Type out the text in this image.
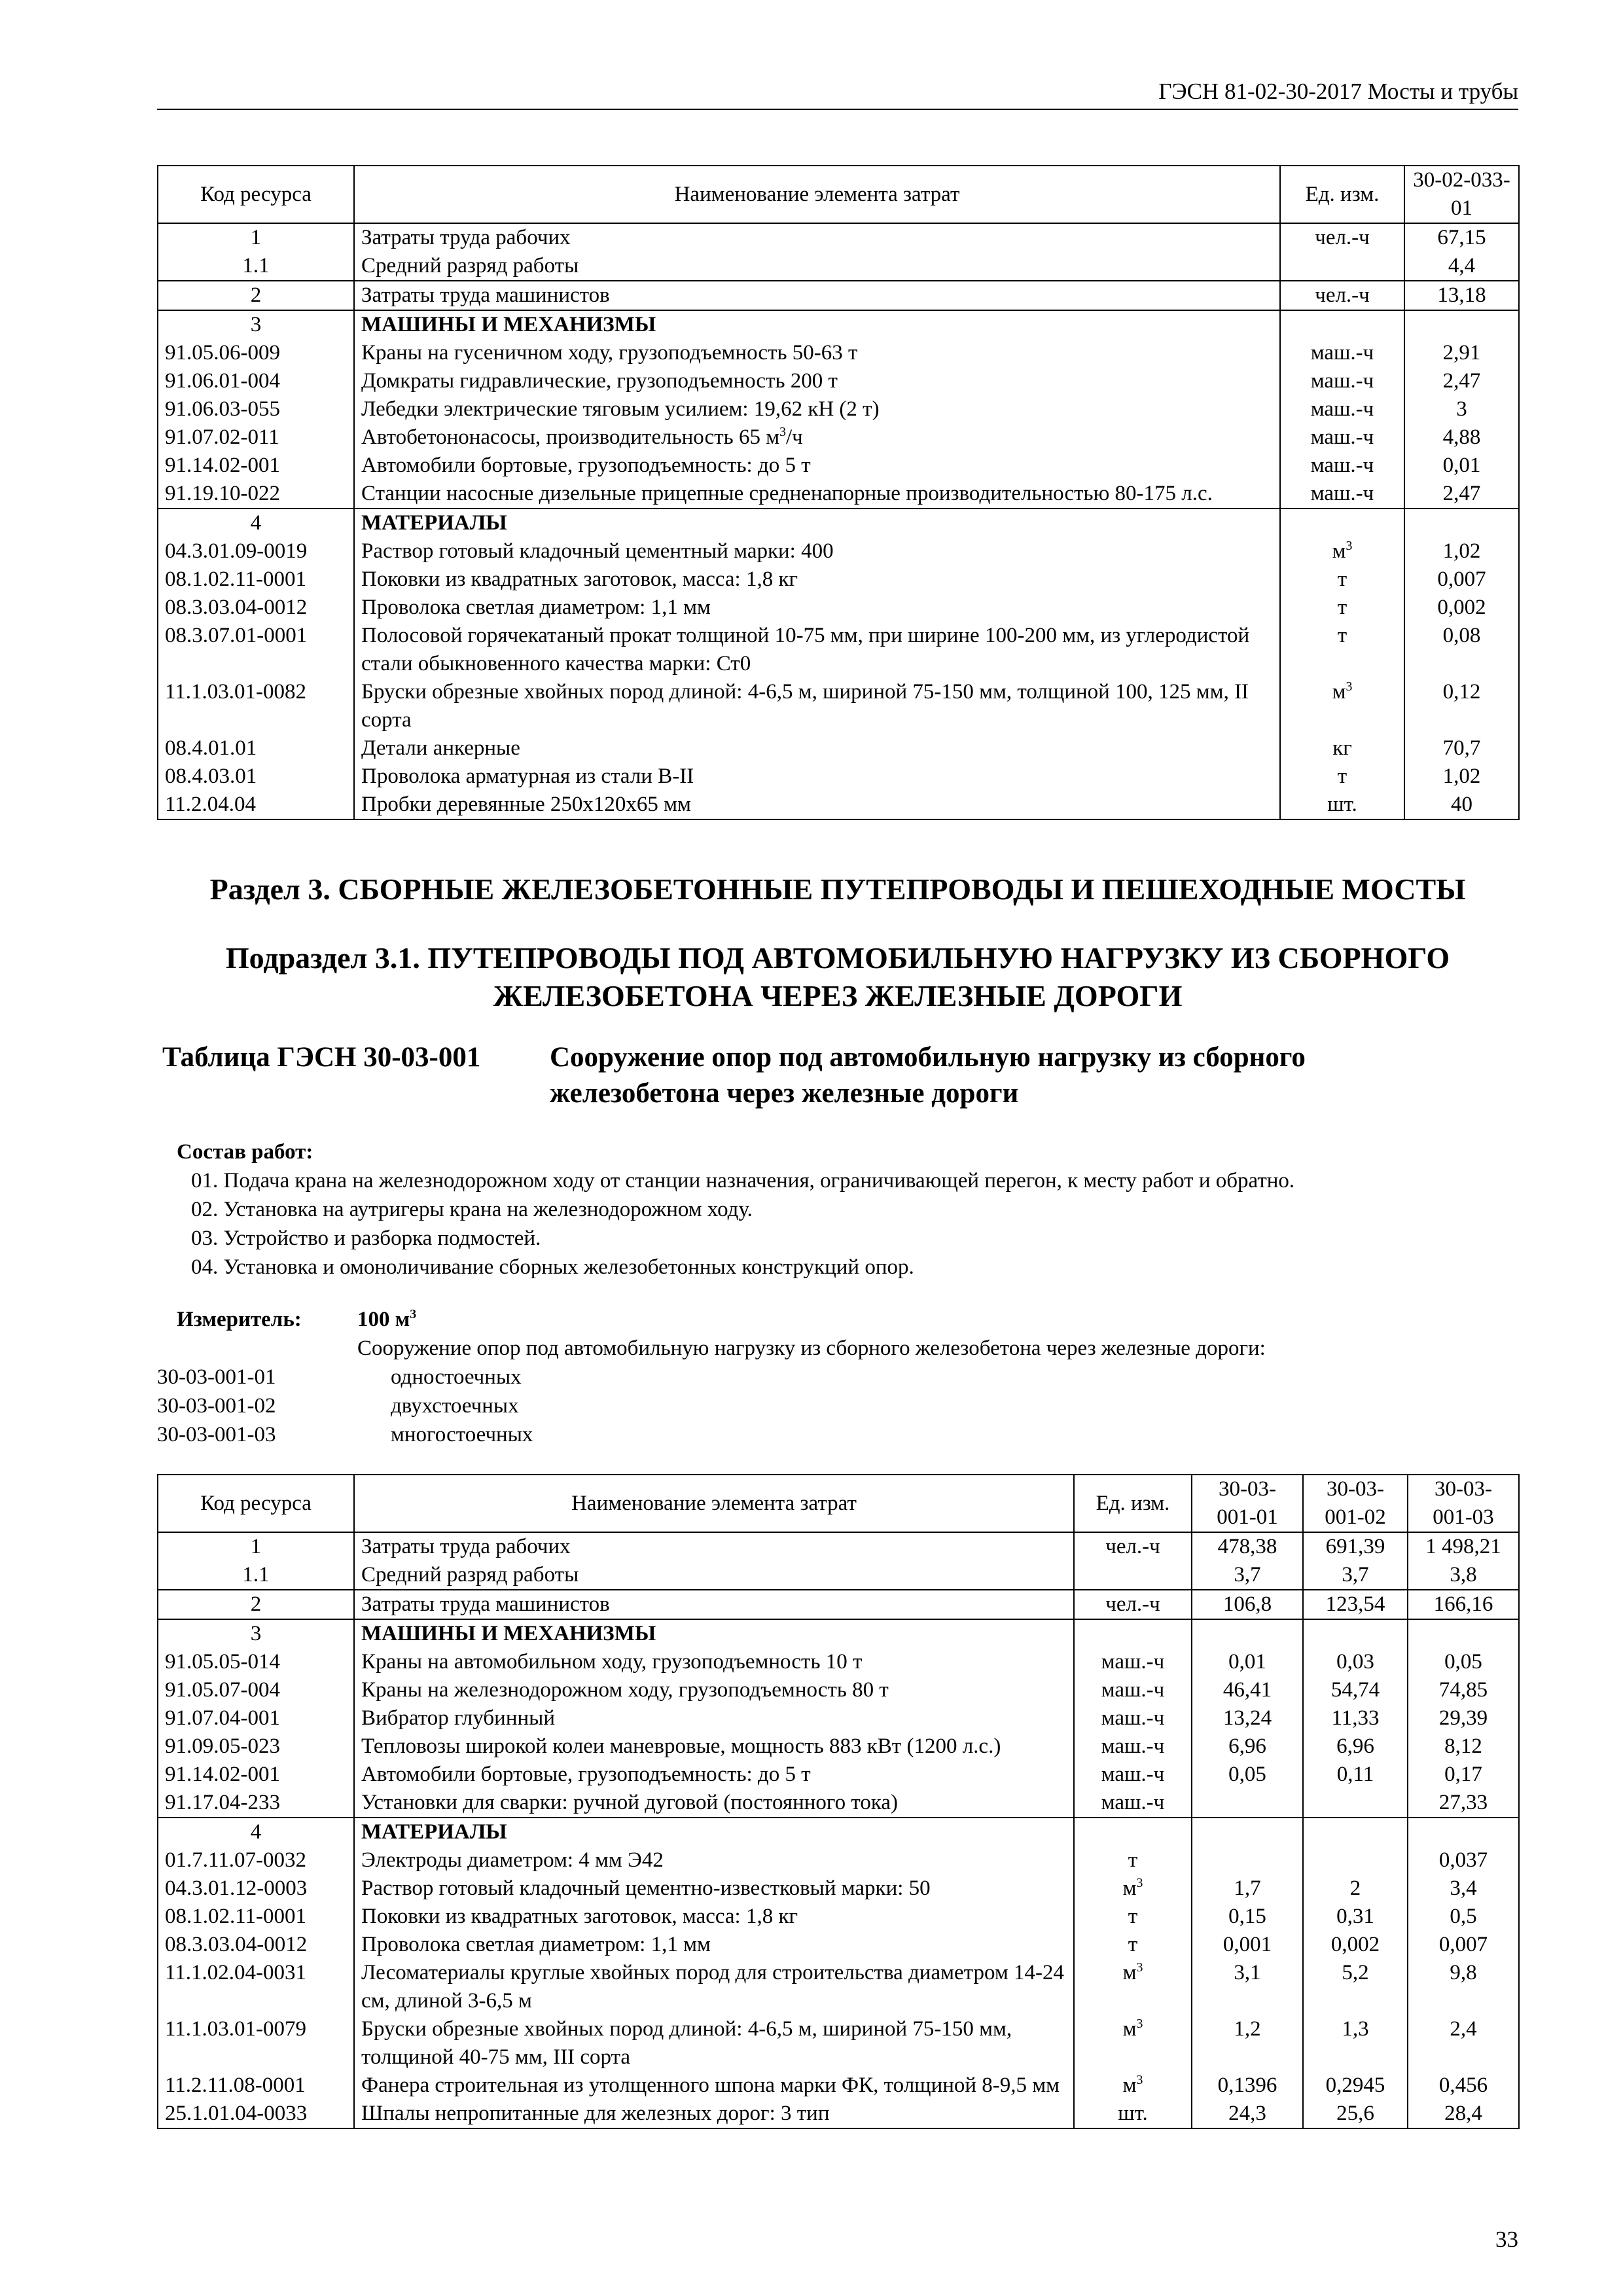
ГЭСН 81-02-30-2017 Мосты и трубы
Код ресурса	Наименование элемента затрат	Ед. изм.	30-02-033-01
1	Затраты труда рабочих	чел.-ч	67,15
1.1	Средний разряд работы		4,4
2	Затраты труда машинистов	чел.-ч	13,18
3	МАШИНЫ И МЕХАНИЗМЫ		
91.05.06-009	Краны на гусеничном ходу, грузоподъемность 50-63 т	маш.-ч	2,91
91.06.01-004	Домкраты гидравлические, грузоподъемность 200 т	маш.-ч	2,47
91.06.03-055	Лебедки электрические тяговым усилием: 19,62 кН (2 т)	маш.-ч	3
91.07.02-011	Автобетононасосы, производительность 65 $м^3/ч$	маш.-ч	4,88
91.14.02-001	Автомобили бортовые, грузоподъемность: до 5 т	маш.-ч	0,01
91.19.10-022	Станции насосные дизельные прицепные средненапорные производительностью 80-175 л.с.	маш.-ч	2,47
4	МАТЕРИАЛЫ		
04.3.01.09-0019	Раствор готовый кладочный цементный марки: 400	$м^3$	1,02
08.1.02.11-0001	Поковки из квадратных заготовок, масса: 1,8 кг	т	0,007
08.3.03.04-0012	Проволока светлая диаметром: 1,1 мм	т	0,002
08.3.07.01-0001	Полосовой горячекатаный прокат толщиной 10-75 мм, при ширине 100-200 мм, из углеродистой стали обыкновенного качества марки: Ст0	т	0,08
11.1.03.01-0082	Бруски обрезные хвойных пород длиной: 4-6,5 м, шириной 75-150 мм, толщиной 100, 125 мм, II сорта	$м^3$	0,12
08.4.01.01	Детали анкерные	кг	70,7
08.4.03.01	Проволока арматурная из стали В-II	т	1,02
11.2.04.04	Пробки деревянные 250х120х65 мм	шт.	40
Раздел 3. СБОРНЫЕ ЖЕЛЕЗОБЕТОННЫЕ ПУТЕПРОВОДЫ И ПЕШЕХОДНЫЕ МОСТЫ
Подраздел 3.1. ПУТЕПРОВОДЫ ПОД АВТОМОБИЛЬНУЮ НАГРУЗКУ ИЗ СБОРНОГО
ЖЕЛЕЗОБЕТОНА ЧЕРЕЗ ЖЕЛЕЗНЫЕ ДОРОГИ
Таблица ГЭСН 30-03-001 Сооружение опор под автомобильную нагрузку из сборного
железобетона через железные дороги
Состав работ:
01. Подача крана на железнодорожном ходу от станции назначения, ограничивающей перегон, к месту работ и обратно.
02. Установка на аутригеры крана на железнодорожном ходу.
03. Устройство и разборка подмостей.
04. Установка и омоноличивание сборных железобетонных конструкций опор.
Измеритель:	100 $м^3$
Сооружение опор под автомобильную нагрузку из сборного железобетона через железные дороги:
30-03-001-01	одностоечных
30-03-001-02	двухстоечных
30-03-001-03	многостоечных
Код ресурса	Наименование элемента затрат	Ед. изм.	30-03-001-01	30-03-001-02	30-03-001-03
1	Затраты труда рабочих	чел.-ч	478,38	691,39	1 498,21
1.1	Средний разряд работы		3,7	3,7	3,8
2	Затраты труда машинистов	чел.-ч	106,8	123,54	166,16
3	МАШИНЫ И МЕХАНИЗМЫ				
91.05.05-014	Краны на автомобильном ходу, грузоподъемность 10 т	маш.-ч	0,01	0,03	0,05
91.05.07-004	Краны на железнодорожном ходу, грузоподъемность 80 т	маш.-ч	46,41	54,74	74,85
91.07.04-001	Вибратор глубинный	маш.-ч	13,24	11,33	29,39
91.09.05-023	Тепловозы широкой колеи маневровые, мощность 883 кВт (1200 л.с.)	маш.-ч	6,96	6,96	8,12
91.14.02-001	Автомобили бортовые, грузоподъемность: до 5 т	маш.-ч	0,05	0,11	0,17
91.17.04-233	Установки для сварки: ручной дуговой (постоянного тока)	маш.-ч			27,33
4	МАТЕРИАЛЫ				
01.7.11.07-0032	Электроды диаметром: 4 мм Э42	т			0,037
04.3.01.12-0003	Раствор готовый кладочный цементно-известковый марки: 50	$м^3$	1,7	2	3,4
08.1.02.11-0001	Поковки из квадратных заготовок, масса: 1,8 кг	т	0,15	0,31	0,5
08.3.03.04-0012	Проволока светлая диаметром: 1,1 мм	т	0,001	0,002	0,007
11.1.02.04-0031	Лесоматериалы круглые хвойных пород для строительства диаметром 14-24 см, длиной 3-6,5 м	$м^3$	3,1	5,2	9,8
11.1.03.01-0079	Бруски обрезные хвойных пород длиной: 4-6,5 м, шириной 75-150 мм, толщиной 40-75 мм, III сорта	$м^3$	1,2	1,3	2,4
11.2.11.08-0001	Фанера строительная из утолщенного шпона марки ФК, толщиной 8-9,5 мм	$м^3$	0,1396	0,2945	0,456
25.1.01.04-0033	Шпалы непропитанные для железных дорог: 3 тип	шт.	24,3	25,6	28,4
33
